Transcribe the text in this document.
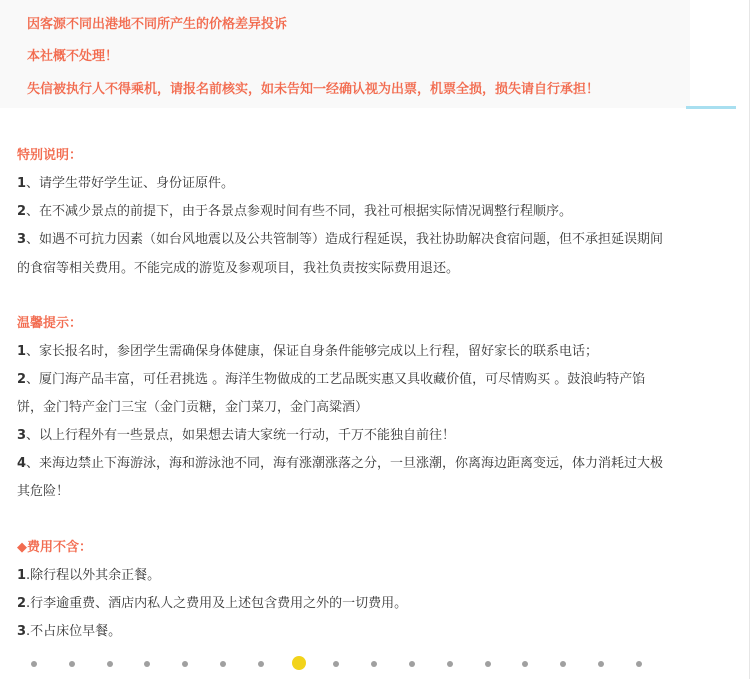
因客源不同出港地不同所产生的价格差异投诉
本社概不处理！
失信被执行人不得乘机，请报名前核实，如未告知一经确认视为出票，机票全损，损失请自行承担！
特别说明：
1、请学生带好学生证、身份证原件。
2、在不减少景点的前提下，由于各景点参观时间有些不同，我社可根据实际情况调整行程顺序。
3、如遇不可抗力因素（如台风地震以及公共管制等）造成行程延误，我社协助解决食宿问题，但不承担延误期间
的食宿等相关费用。不能完成的游览及参观项目，我社负责按实际费用退还。
温馨提示：
1、家长报名时，参团学生需确保身体健康，保证自身条件能够完成以上行程，留好家长的联系电话；
2、厦门海产品丰富，可任君挑选 。海洋生物做成的工艺品既实惠又具收藏价值，可尽情购买 。鼓浪屿特产馅
饼，金门特产金门三宝（金门贡糖，金门菜刀，金门高粱酒）
3、以上行程外有一些景点，如果想去请大家统一行动，千万不能独自前往！
4、来海边禁止下海游泳，海和游泳池不同，海有涨潮涨落之分，一旦涨潮，你离海边距离变远，体力消耗过大极
其危险！
◆费用不含：
1.除行程以外其余正餐。
2.行李逾重费、酒店内私人之费用及上述包含费用之外的一切费用。
3.不占床位早餐。
